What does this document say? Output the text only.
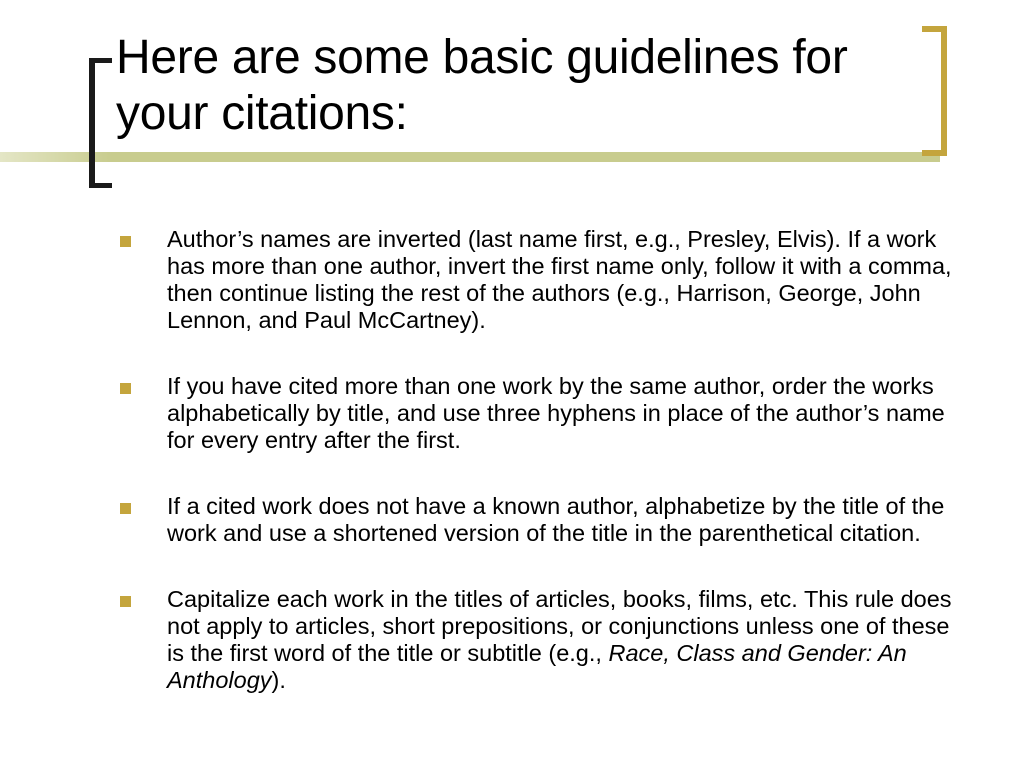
Here are some basic guidelines for your citations:
Author’s names are inverted (last name first, e.g., Presley, Elvis). If a work has more than one author, invert the first name only, follow it with a comma, then continue listing the rest of the authors (e.g., Harrison, George, John Lennon, and Paul McCartney).
If you have cited more than one work by the same author, order the works alphabetically by title, and use three hyphens in place of the author’s name for every entry after the first.
If a cited work does not have a known author, alphabetize by the title of the work and use a shortened version of the title in the parenthetical citation.
Capitalize each work in the titles of articles, books, films, etc. This rule does not apply to articles, short prepositions, or conjunctions unless one of these is the first word of the title or subtitle (e.g., Race, Class and Gender: An Anthology).
